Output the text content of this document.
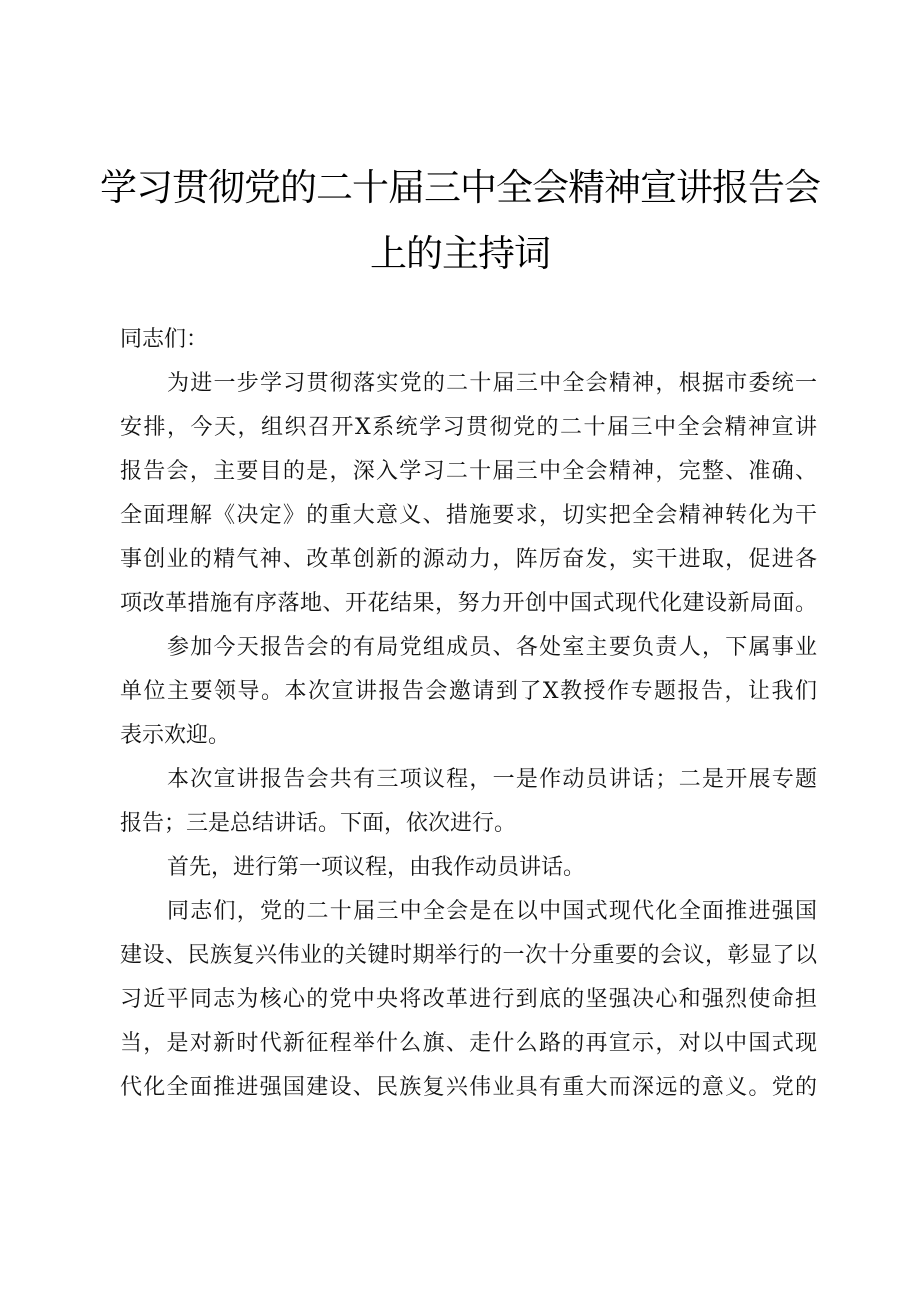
学习贯彻党的二十届三中全会精神宣讲报告会
上的主持词
同志们：
为进一步学习贯彻落实党的二十届三中全会精神，根据市委统一
安排，今天，组织召开X系统学习贯彻党的二十届三中全会精神宣讲
报告会，主要目的是，深入学习二十届三中全会精神，完整、准确、
全面理解《决定》的重大意义、措施要求，切实把全会精神转化为干
事创业的精气神、改革创新的源动力，阵厉奋发，实干进取，促进各
项改革措施有序落地、开花结果，努力开创中国式现代化建设新局面。
参加今天报告会的有局党组成员、各处室主要负责人，下属事业
单位主要领导。本次宣讲报告会邀请到了X教授作专题报告，让我们
表示欢迎。
本次宣讲报告会共有三项议程，一是作动员讲话；二是开展专题
报告；三是总结讲话。下面，依次进行。
首先，进行第一项议程，由我作动员讲话。
同志们，党的二十届三中全会是在以中国式现代化全面推进强国
建设、民族复兴伟业的关键时期举行的一次十分重要的会议，彰显了以
习近平同志为核心的党中央将改革进行到底的坚强决心和强烈使命担
当，是对新时代新征程举什么旗、走什么路的再宣示，对以中国式现
代化全面推进强国建设、民族复兴伟业具有重大而深远的意义。党的
